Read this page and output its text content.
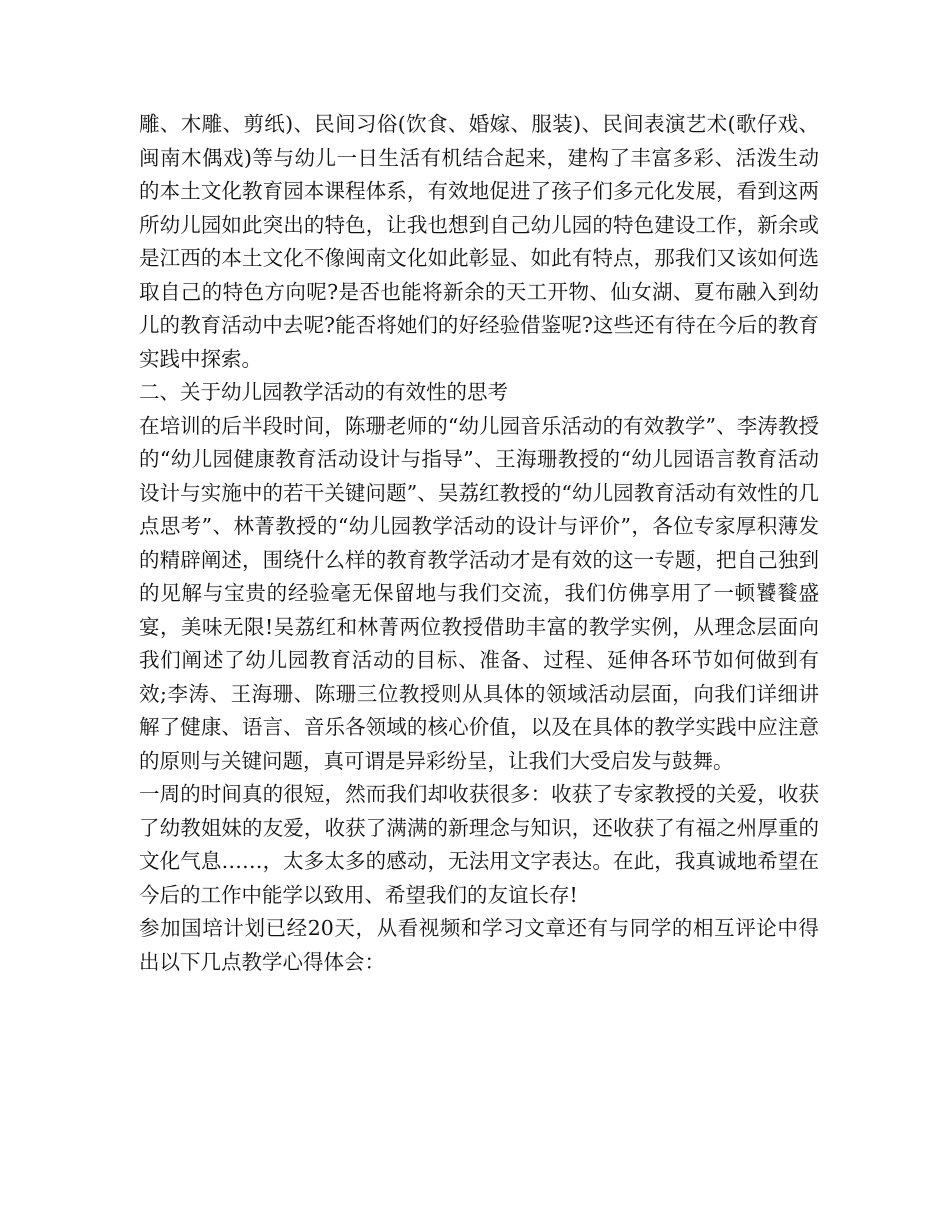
雕、木雕、剪纸)、民间习俗(饮食、婚嫁、服装)、民间表演艺术(歌仔戏、闽南木偶戏)等与幼儿一日生活有机结合起来，建构了丰富多彩、活泼生动的本土文化教育园本课程体系，有效地促进了孩子们多元化发展，看到这两所幼儿园如此突出的特色，让我也想到自己幼儿园的特色建设工作，新余或是江西的本土文化不像闽南文化如此彰显、如此有特点，那我们又该如何选取自己的特色方向呢?是否也能将新余的天工开物、仙女湖、夏布融入到幼儿的教育活动中去呢?能否将她们的好经验借鉴呢?这些还有待在今后的教育实践中探索。

二、关于幼儿园教学活动的有效性的思考

在培训的后半段时间，陈珊老师的“幼儿园音乐活动的有效教学”、李涛教授的“幼儿园健康教育活动设计与指导”、王海珊教授的“幼儿园语言教育活动设计与实施中的若干关键问题”、吴荔红教授的“幼儿园教育活动有效性的几点思考”、林菁教授的“幼儿园教学活动的设计与评价”，各位专家厚积薄发的精辟阐述，围绕什么样的教育教学活动才是有效的这一专题，把自己独到的见解与宝贵的经验毫无保留地与我们交流，我们仿佛享用了一顿饕餮盛宴，美味无限!吴荔红和林菁两位教授借助丰富的教学实例，从理念层面向我们阐述了幼儿园教育活动的目标、准备、过程、延伸各环节如何做到有效;李涛、王海珊、陈珊三位教授则从具体的领域活动层面，向我们详细讲解了健康、语言、音乐各领域的核心价值，以及在具体的教学实践中应注意的原则与关键问题，真可谓是异彩纷呈，让我们大受启发与鼓舞。

一周的时间真的很短，然而我们却收获很多：收获了专家教授的关爱，收获了幼教姐妹的友爱，收获了满满的新理念与知识，还收获了有福之州厚重的文化气息……，太多太多的感动，无法用文字表达。在此，我真诚地希望在今后的工作中能学以致用、希望我们的友谊长存!

参加国培计划已经20天，从看视频和学习文章还有与同学的相互评论中得出以下几点教学心得体会：
